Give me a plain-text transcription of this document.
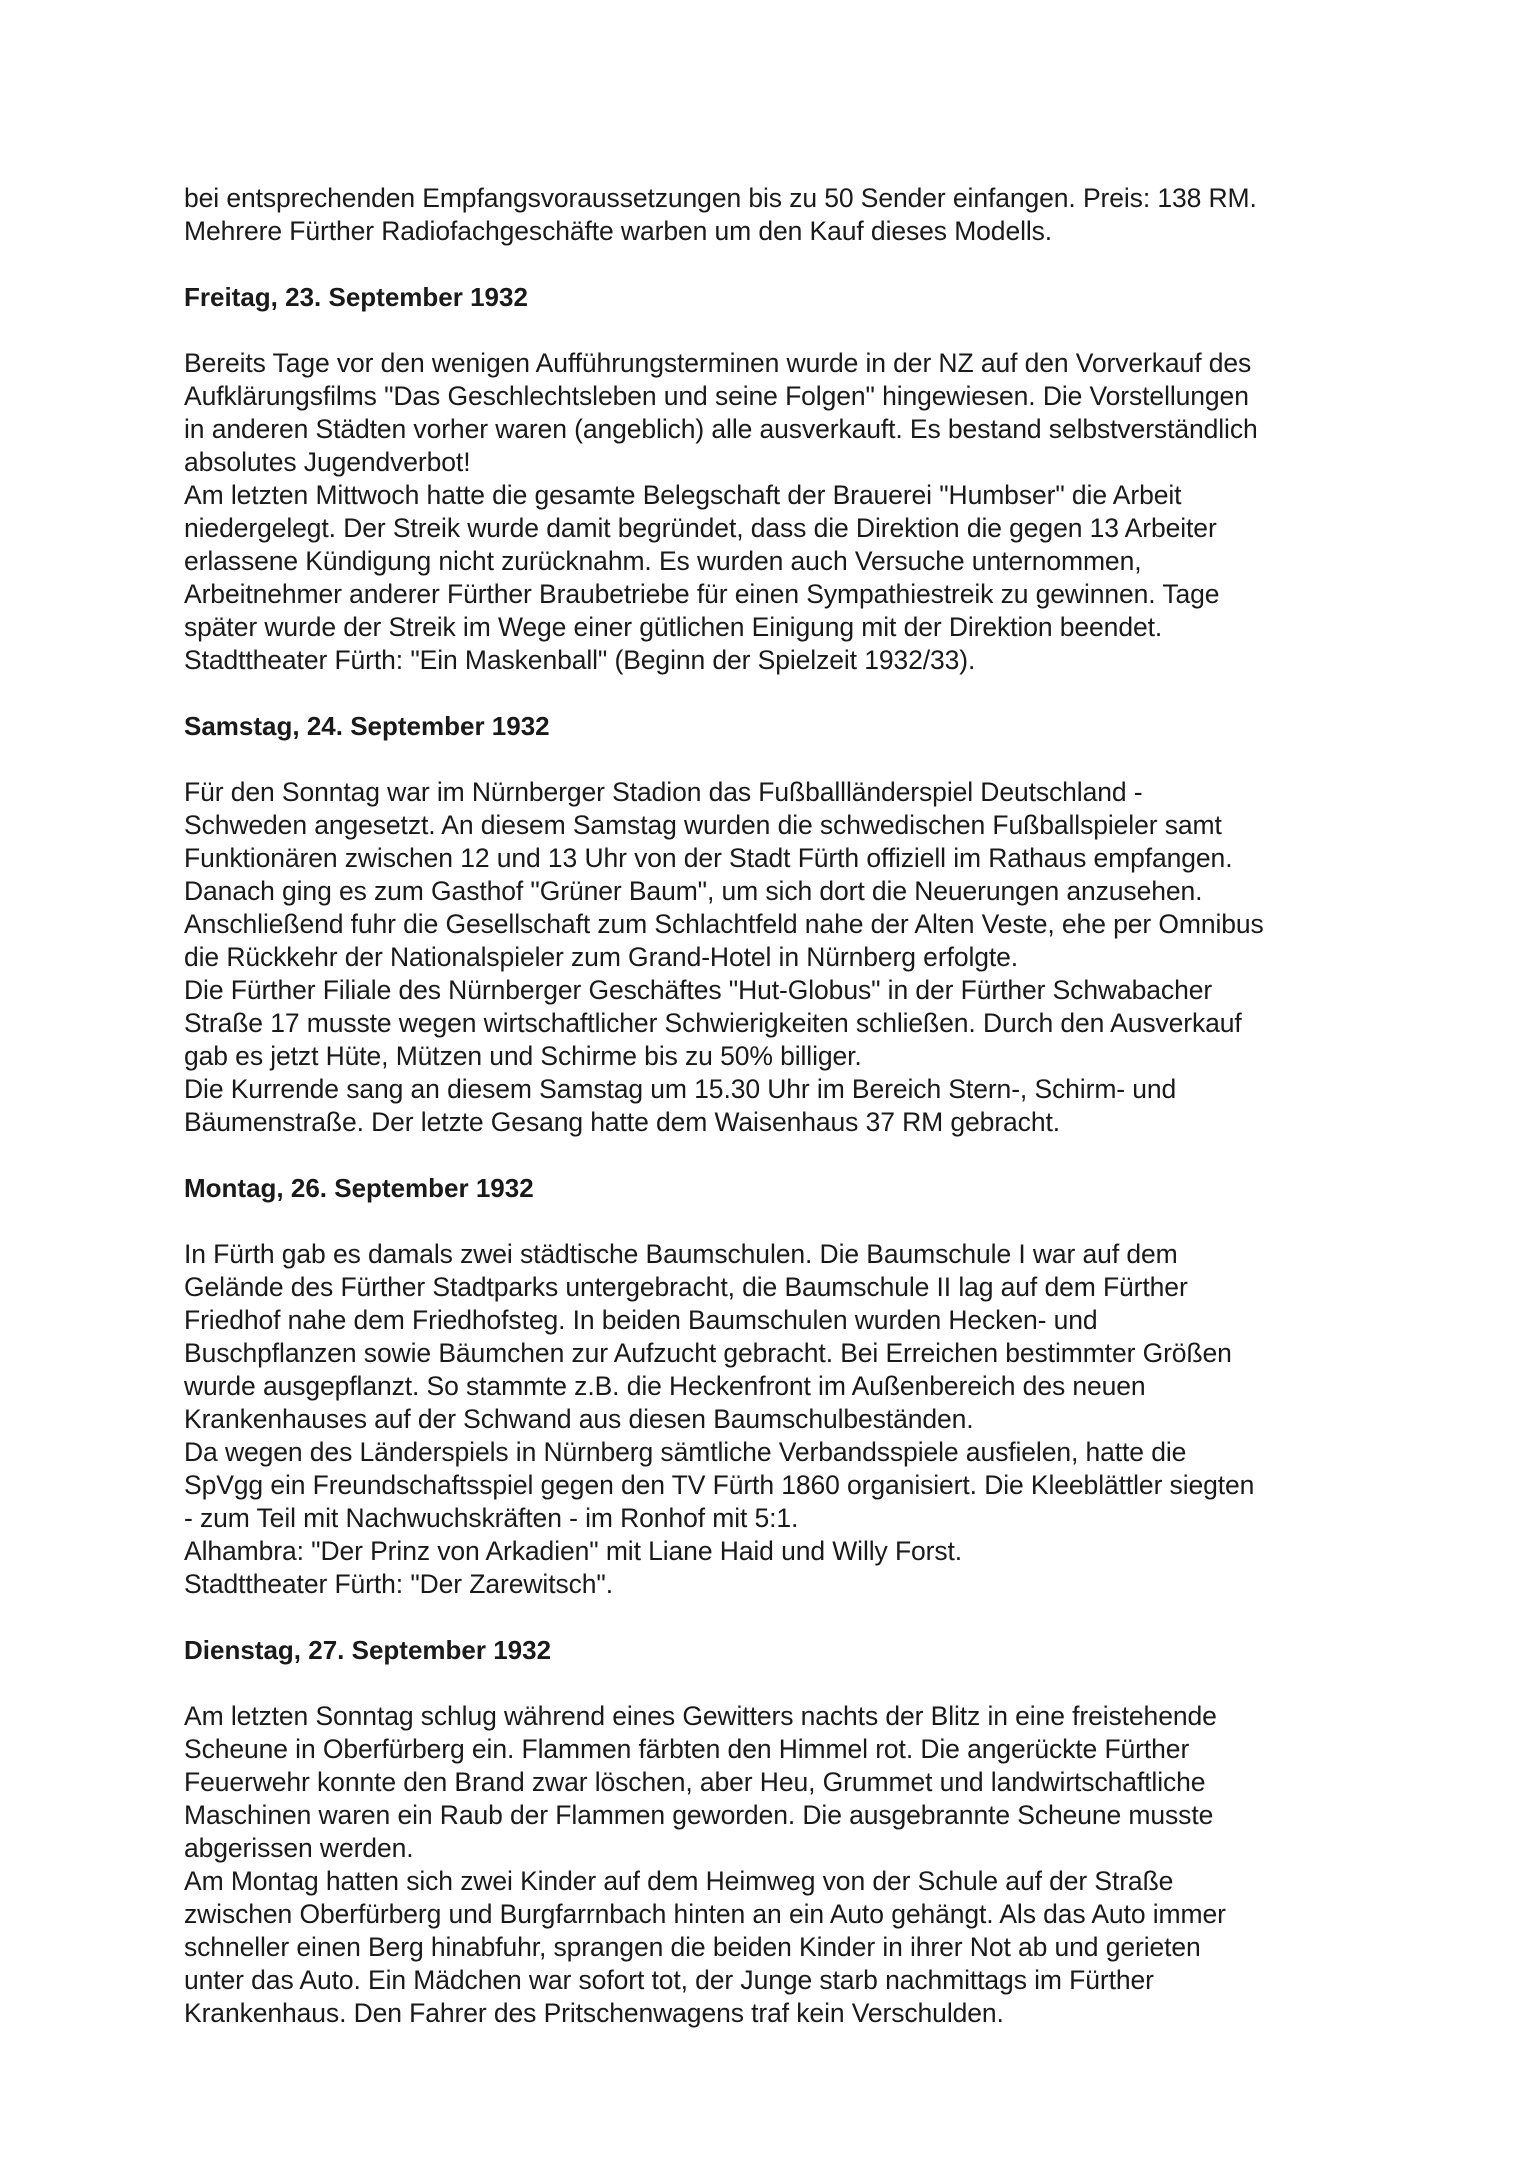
bei entsprechenden Empfangsvoraussetzungen bis zu 50 Sender einfangen. Preis: 138 RM.
Mehrere Fürther Radiofachgeschäfte warben um den Kauf dieses Modells.
Freitag, 23. September 1932
Bereits Tage vor den wenigen Aufführungsterminen wurde in der NZ auf den Vorverkauf des
Aufklärungsfilms "Das Geschlechtsleben und seine Folgen" hingewiesen. Die Vorstellungen
in anderen Städten vorher waren (angeblich) alle ausverkauft. Es bestand selbstverständlich
absolutes Jugendverbot!
Am letzten Mittwoch hatte die gesamte Belegschaft der Brauerei "Humbser" die Arbeit
niedergelegt. Der Streik wurde damit begründet, dass die Direktion die gegen 13 Arbeiter
erlassene Kündigung nicht zurücknahm. Es wurden auch Versuche unternommen,
Arbeitnehmer anderer Fürther Braubetriebe für einen Sympathiestreik zu gewinnen. Tage
später wurde der Streik im Wege einer gütlichen Einigung mit der Direktion beendet.
Stadttheater Fürth: "Ein Maskenball" (Beginn der Spielzeit 1932/33).
Samstag, 24. September 1932
Für den Sonntag war im Nürnberger Stadion das Fußballländerspiel Deutschland -
Schweden angesetzt. An diesem Samstag wurden die schwedischen Fußballspieler samt
Funktionären zwischen 12 und 13 Uhr von der Stadt Fürth offiziell im Rathaus empfangen.
Danach ging es zum Gasthof "Grüner Baum", um sich dort die Neuerungen anzusehen.
Anschließend fuhr die Gesellschaft zum Schlachtfeld nahe der Alten Veste, ehe per Omnibus
die Rückkehr der Nationalspieler zum Grand-Hotel in Nürnberg erfolgte.
Die Fürther Filiale des Nürnberger Geschäftes "Hut-Globus" in der Fürther Schwabacher
Straße 17 musste wegen wirtschaftlicher Schwierigkeiten schließen. Durch den Ausverkauf
gab es jetzt Hüte, Mützen und Schirme bis zu 50% billiger.
Die Kurrende sang an diesem Samstag um 15.30 Uhr im Bereich Stern-, Schirm- und
Bäumenstraße. Der letzte Gesang hatte dem Waisenhaus 37 RM gebracht.
Montag, 26. September 1932
In Fürth gab es damals zwei städtische Baumschulen. Die Baumschule I war auf dem
Gelände des Fürther Stadtparks untergebracht, die Baumschule II lag auf dem Fürther
Friedhof nahe dem Friedhofsteg. In beiden Baumschulen wurden Hecken- und
Buschpflanzen sowie Bäumchen zur Aufzucht gebracht. Bei Erreichen bestimmter Größen
wurde ausgepflanzt. So stammte z.B. die Heckenfront im Außenbereich des neuen
Krankenhauses auf der Schwand aus diesen Baumschulbeständen.
Da wegen des Länderspiels in Nürnberg sämtliche Verbandsspiele ausfielen, hatte die
SpVgg ein Freundschaftsspiel gegen den TV Fürth 1860 organisiert. Die Kleeblättler siegten
- zum Teil mit Nachwuchskräften - im Ronhof mit 5:1.
Alhambra: "Der Prinz von Arkadien" mit Liane Haid und Willy Forst.
Stadttheater Fürth: "Der Zarewitsch".
Dienstag, 27. September 1932
Am letzten Sonntag schlug während eines Gewitters nachts der Blitz in eine freistehende
Scheune in Oberfürberg ein. Flammen färbten den Himmel rot. Die angerückte Fürther
Feuerwehr konnte den Brand zwar löschen, aber Heu, Grummet und landwirtschaftliche
Maschinen waren ein Raub der Flammen geworden. Die ausgebrannte Scheune musste
abgerissen werden.
Am Montag hatten sich zwei Kinder auf dem Heimweg von der Schule auf der Straße
zwischen Oberfürberg und Burgfarrnbach hinten an ein Auto gehängt. Als das Auto immer
schneller einen Berg hinabfuhr, sprangen die beiden Kinder in ihrer Not ab und gerieten
unter das Auto. Ein Mädchen war sofort tot, der Junge starb nachmittags im Fürther
Krankenhaus. Den Fahrer des Pritschenwagens traf kein Verschulden.
